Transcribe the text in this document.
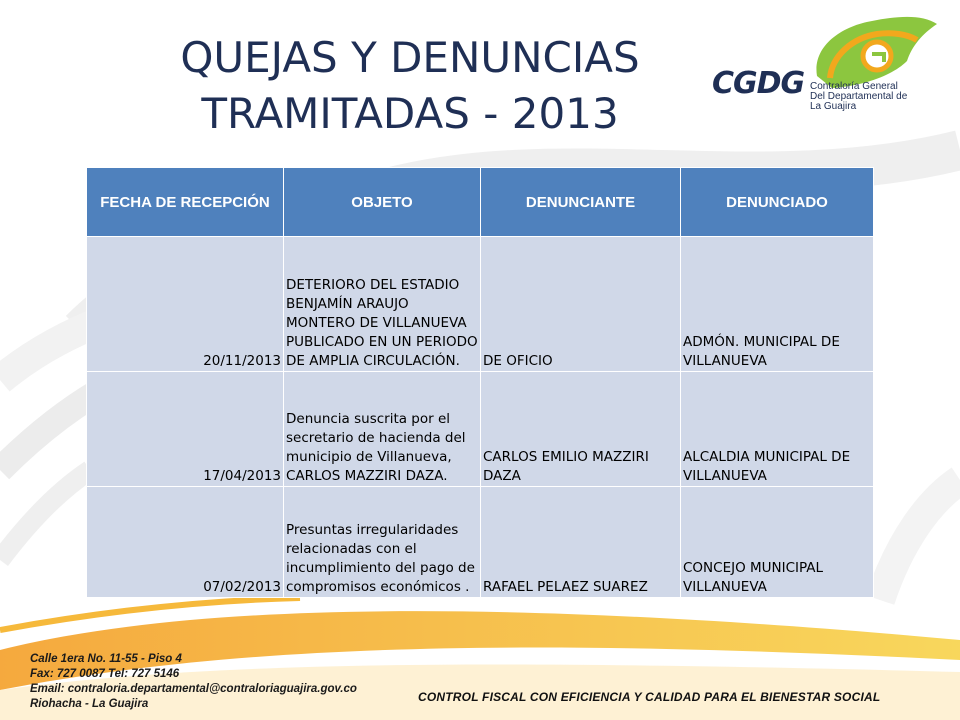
QUEJAS Y DENUNCIAS
TRAMITADAS - 2013
CGDG Contraloría General
Del Departamental de
La Guajira
FECHA DE RECEPCIÓN	OBJETO	DENUNCIANTE	DENUNCIADO
20/11/2013	DETERIORO DEL ESTADIO BENJAMÍN ARAUJO MONTERO DE VILLANUEVA PUBLICADO EN UN PERIODO DE AMPLIA CIRCULACIÓN.	DE OFICIO	ADMÓN. MUNICIPAL DE VILLANUEVA
17/04/2013	Denuncia suscrita por el secretario de hacienda del municipio de Villanueva, CARLOS MAZZIRI DAZA.	CARLOS EMILIO MAZZIRI DAZA	ALCALDIA MUNICIPAL DE VILLANUEVA
07/02/2013	Presuntas irregularidades relacionadas con el incumplimiento del pago de compromisos económicos .	RAFAEL PELAEZ SUAREZ	CONCEJO MUNICIPAL VILLANUEVA
Calle 1era No. 11-55 - Piso 4
Fax: 727 0087 Tel: 727 5146
Email: contraloria.departamental@contraloriaguajira.gov.co
Riohacha - La Guajira	CONTROL FISCAL CON EFICIENCIA Y CALIDAD PARA EL BIENESTAR SOCIAL
